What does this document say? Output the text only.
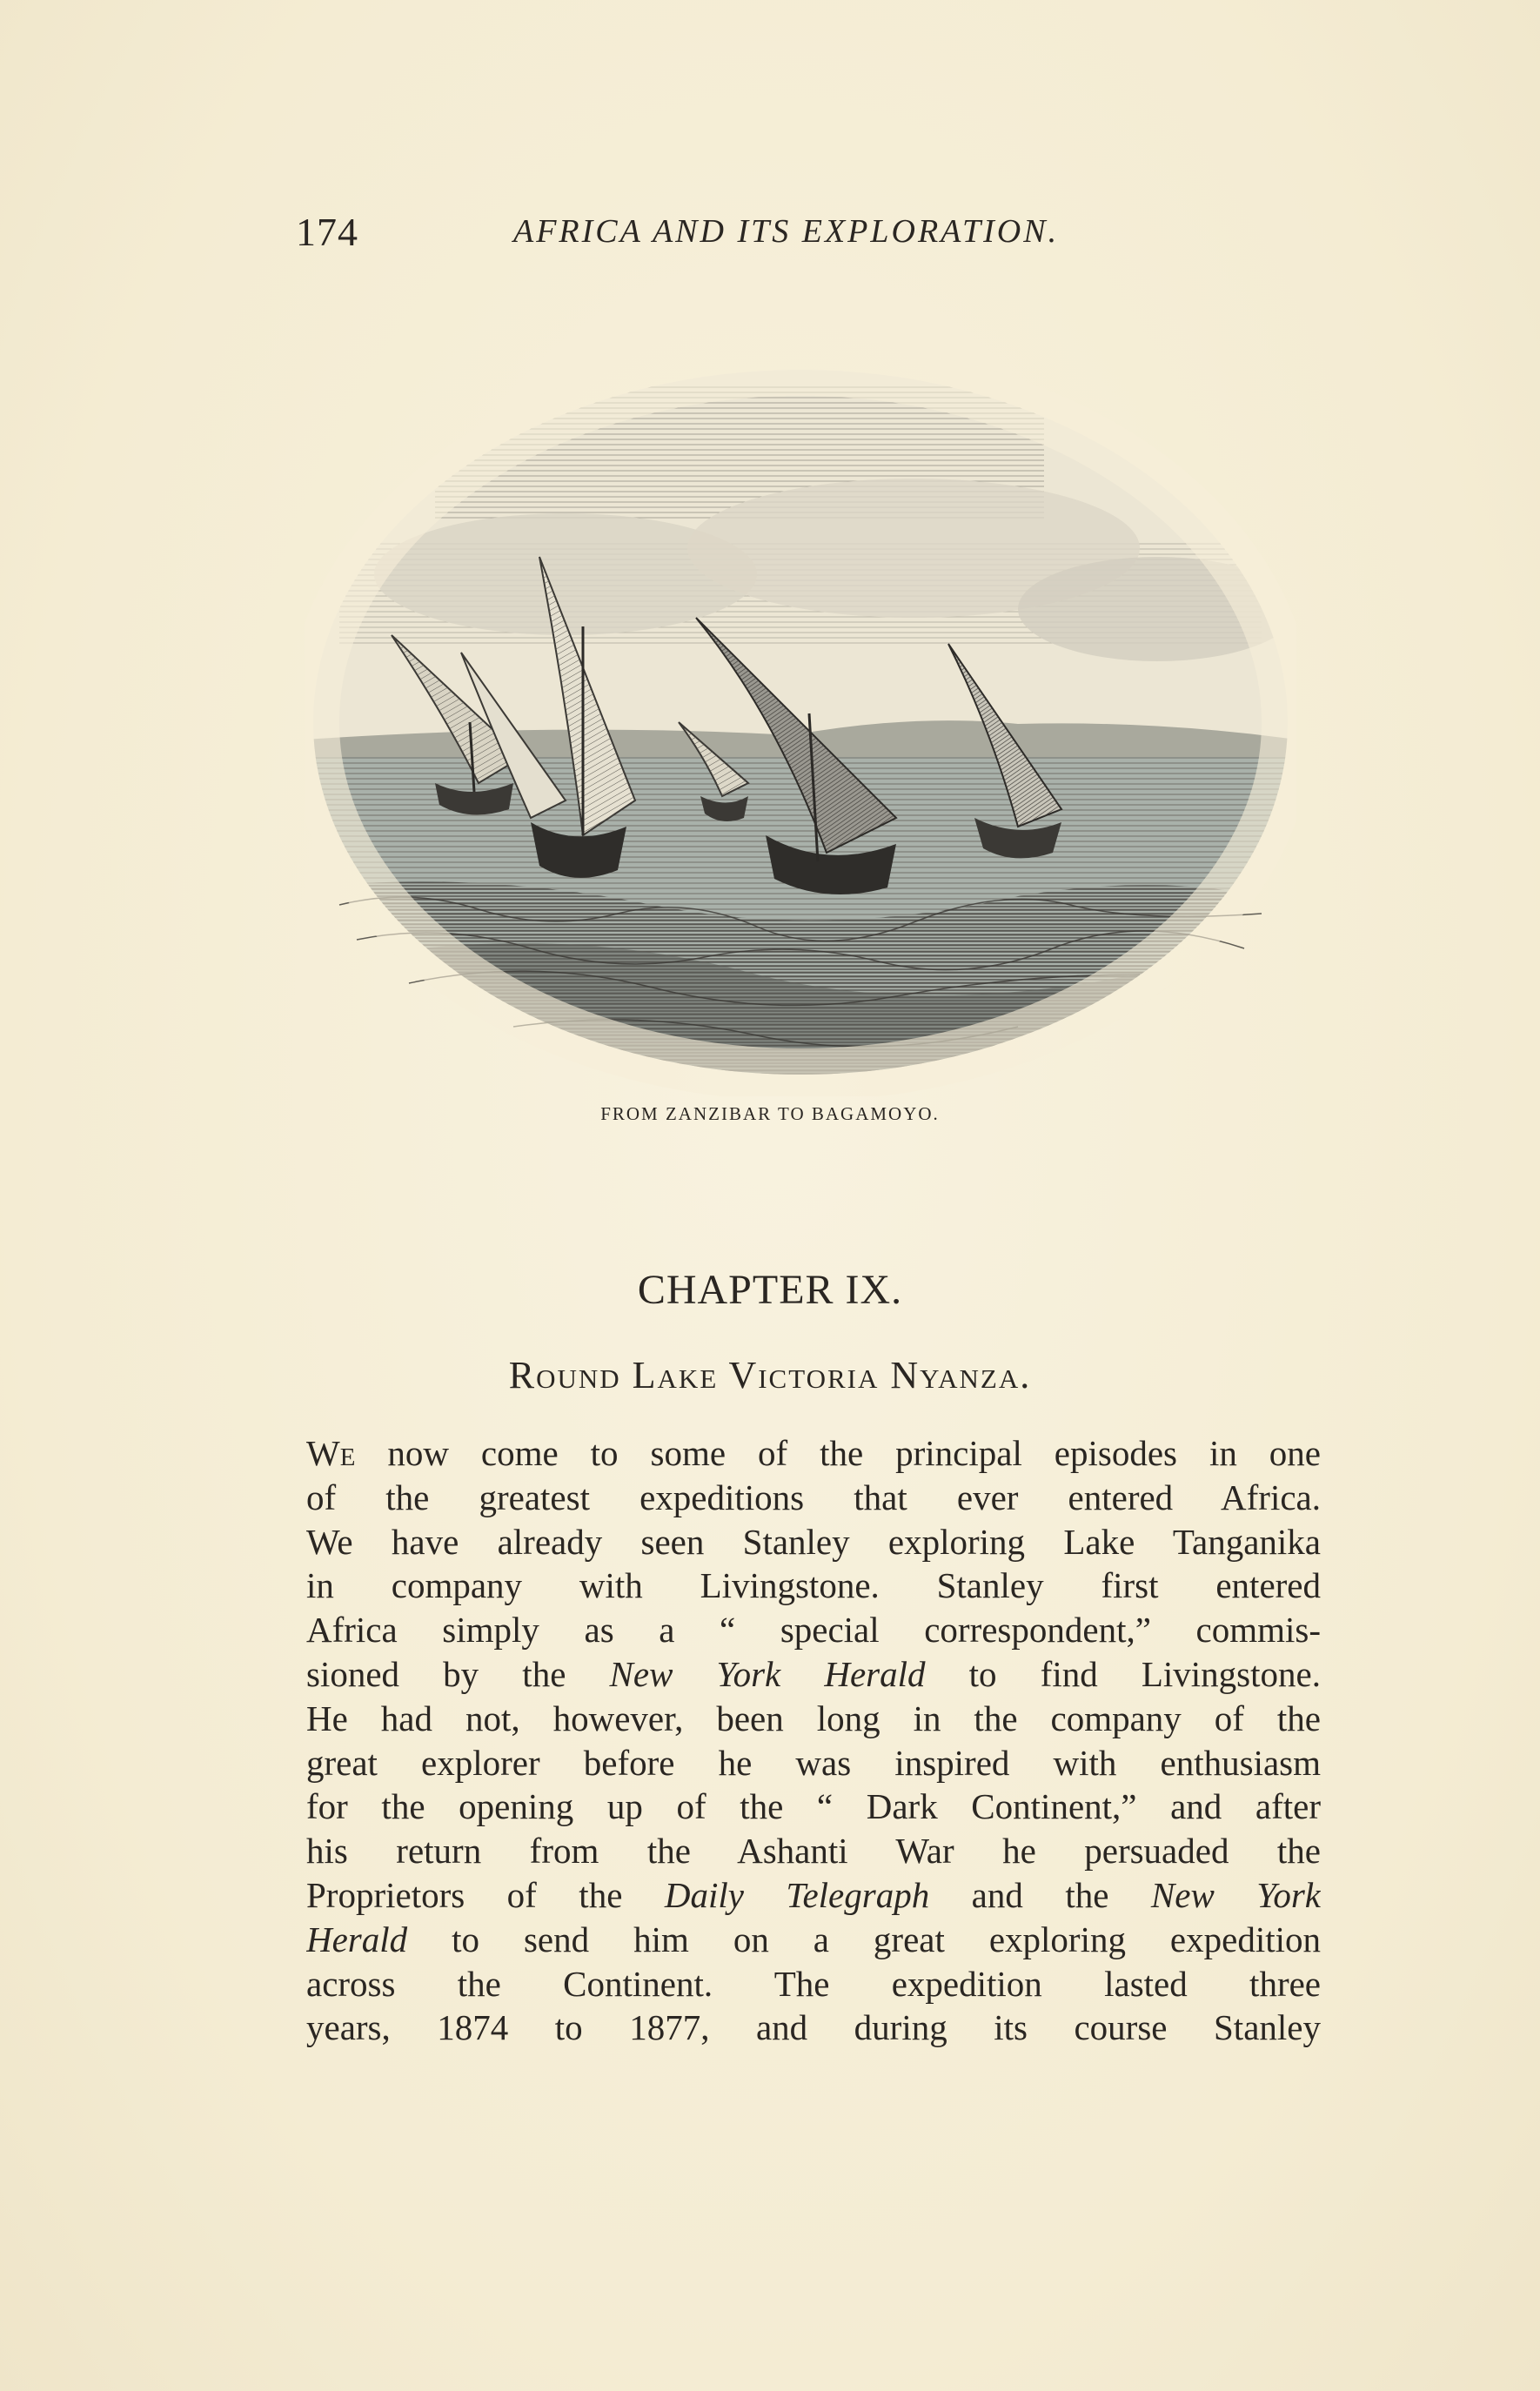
174	AFRICA AND ITS EXPLORATION.
FROM ZANZIBAR TO BAGAMOYO.
CHAPTER IX.
Round Lake Victoria Nyanza.
We now come to some of the principal episodes in one
of the greatest expeditions that ever entered Africa.
We have already seen Stanley exploring Lake Tanganika
in company with Livingstone. Stanley first entered
Africa simply as a “ special correspondent,” commis-
sioned by the New York Herald to find Livingstone.
He had not, however, been long in the company of the
great explorer before he was inspired with enthusiasm
for the opening up of the “ Dark Continent,” and after
his return from the Ashanti War he persuaded the
Proprietors of the Daily Telegraph and the New York
Herald to send him on a great exploring expedition
across the Continent. The expedition lasted three
years, 1874 to 1877, and during its course Stanley
